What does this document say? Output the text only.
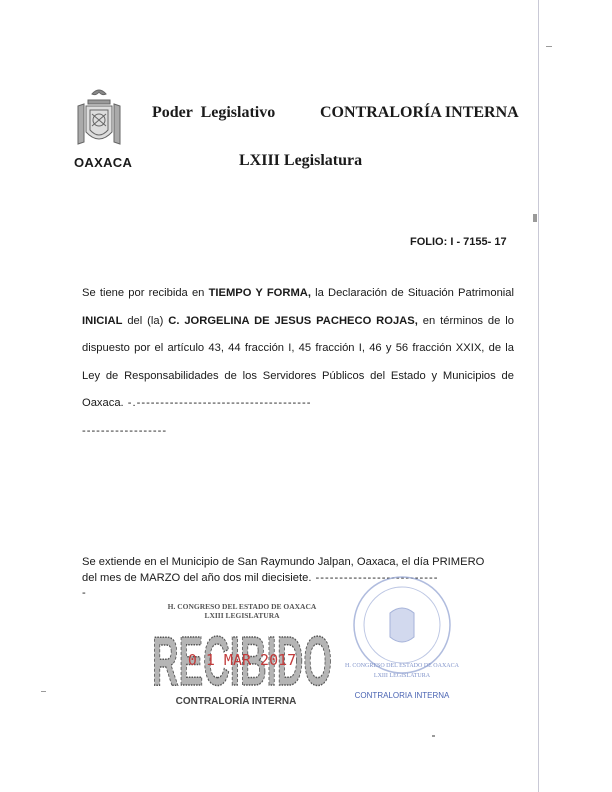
OAXACA
Poder  Legislativo	CONTRALORÍA INTERNA
LXIII Legislatura
FOLIO: I - 7155- 17
Se tiene por recibida en TIEMPO Y FORMA, la Declaración de Situación Patrimonial INICIAL del (la) C. JORGELINA DE JESUS PACHECO ROJAS, en términos de lo dispuesto por el artículo 43, 44 fracción I, 45 fracción I, 46 y 56 fracción XXIX, de la Ley de Responsabilidades de los Servidores Públicos del Estado y Municipios de Oaxaca. -.-------------------------------------
------------------
Se extiende en el Municipio de San Raymundo Jalpan, Oaxaca, el día PRIMERO
del mes de MARZO del año dos mil diecisiete. --------------------------
-
H. CONGRESO DEL ESTADO DE OAXACA
LXIII LEGISLATURA
RECIBIDO
0 1 MAR 2017
CONTRALORÍA INTERNA
H. CONGRESO DEL ESTADO DE OAXACA
LXIII LEGISLATURA
CONTRALORIA INTERNA
